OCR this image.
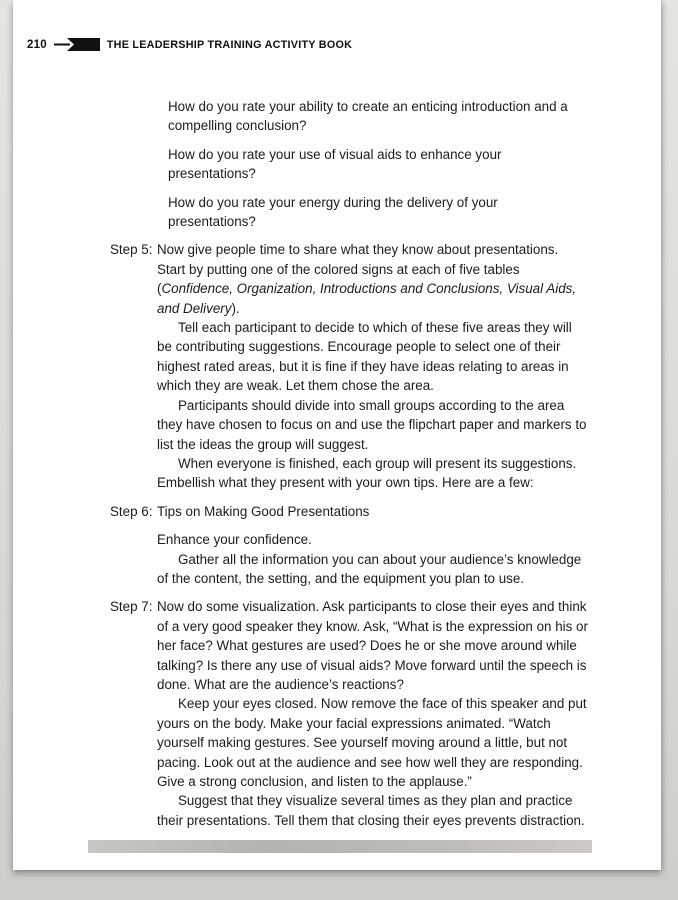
210	THE LEADERSHIP TRAINING ACTIVITY BOOK

How do you rate your ability to create an enticing introduction and a compelling conclusion?

How do you rate your use of visual aids to enhance your presentations?

How do you rate your energy during the delivery of your presentations?

Step 5: Now give people time to share what they know about presentations. Start by putting one of the colored signs at each of five tables (Confidence, Organization, Introductions and Conclusions, Visual Aids, and Delivery).

Tell each participant to decide to which of these five areas they will be contributing suggestions. Encourage people to select one of their highest rated areas, but it is fine if they have ideas relating to areas in which they are weak. Let them chose the area.

Participants should divide into small groups according to the area they have chosen to focus on and use the flipchart paper and markers to list the ideas the group will suggest.

When everyone is finished, each group will present its suggestions. Embellish what they present with your own tips. Here are a few:

Step 6: Tips on Making Good Presentations

Enhance your confidence.

Gather all the information you can about your audience’s knowledge of the content, the setting, and the equipment you plan to use.

Step 7: Now do some visualization. Ask participants to close their eyes and think of a very good speaker they know. Ask, “What is the expression on his or her face? What gestures are used? Does he or she move around while talking? Is there any use of visual aids? Move forward until the speech is done. What are the audience’s reactions?

Keep your eyes closed. Now remove the face of this speaker and put yours on the body. Make your facial expressions animated. “Watch yourself making gestures. See yourself moving around a little, but not pacing. Look out at the audience and see how well they are responding. Give a strong conclusion, and listen to the applause.”

Suggest that they visualize several times as they plan and practice their presentations. Tell them that closing their eyes prevents distraction.
